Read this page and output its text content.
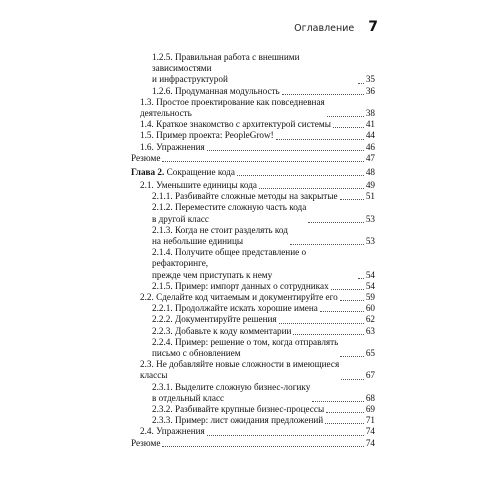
Оглавление 7
1.2.5. Правильная работа с внешними зависимостями
и инфраструктурой	35
1.2.6. Продуманная модульность	36
1.3. Простое проектирование как повседневная
деятельность	38
1.4. Краткое знакомство с архитектурой системы	41
1.5. Пример проекта: PeopleGrow!	44
1.6. Упражнения	46
Резюме	47
Глава 2. Сокращение кода	48
2.1. Уменьшите единицы кода	49
2.1.1. Разбивайте сложные методы на закрытые	51
2.1.2. Переместите сложную часть кода
в другой класс	53
2.1.3. Когда не стоит разделять код
на небольшие единицы	53
2.1.4. Получите общее представление о рефакторинге,
прежде чем приступать к нему	54
2.1.5. Пример: импорт данных о сотрудниках	54
2.2. Сделайте код читаемым и документируйте его	59
2.2.1. Продолжайте искать хорошие имена	60
2.2.2. Документируйте решения	62
2.2.3. Добавьте к коду комментарии	63
2.2.4. Пример: решение о том, когда отправлять
письмо с обновлением	65
2.3. Не добавляйте новые сложности в имеющиеся
классы	67
2.3.1. Выделите сложную бизнес-логику
в отдельный класс	68
2.3.2. Разбивайте крупные бизнес-процессы	69
2.3.3. Пример: лист ожидания предложений	71
2.4. Упражнения	74
Резюме	74
